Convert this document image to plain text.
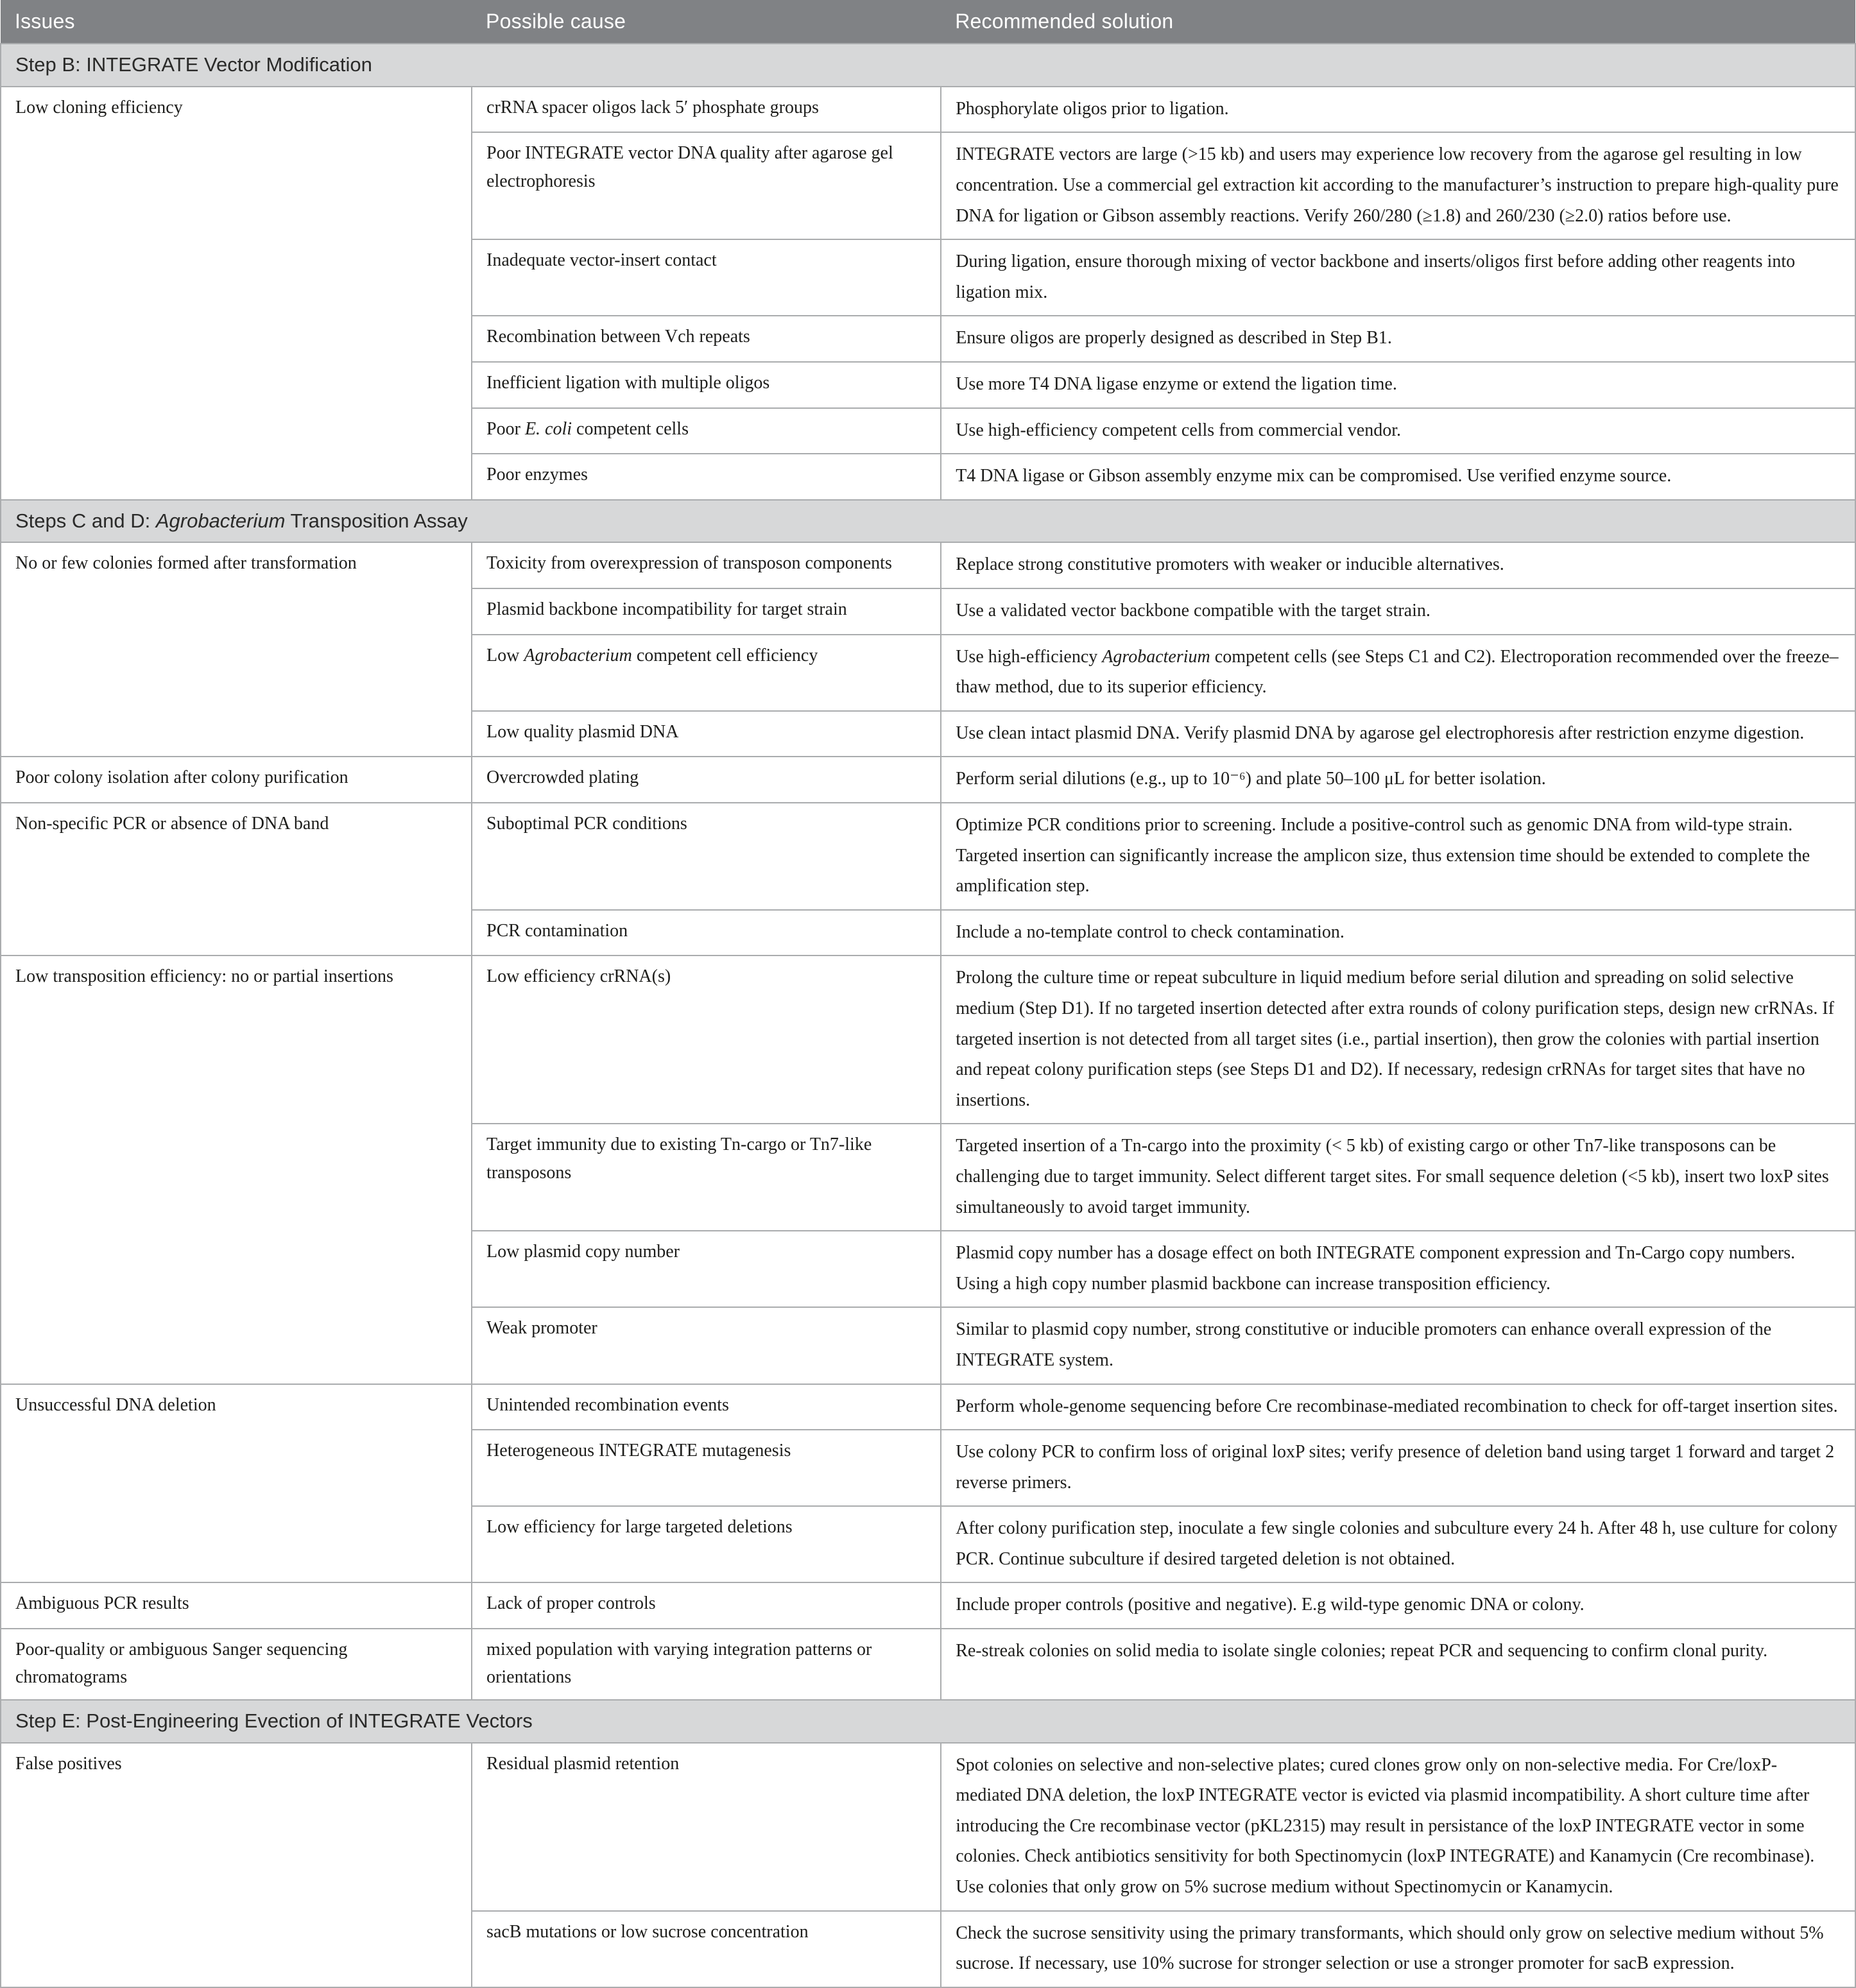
Issues	Possible cause	Recommended solution
Step B: INTEGRATE Vector Modification		
Low cloning efficiency	crRNA spacer oligos lack 5′ phosphate groups	Phosphorylate oligos prior to ligation.
	Poor INTEGRATE vector DNA quality after agarose gel electrophoresis	INTEGRATE vectors are large (>15 kb) and users may experience low recovery from the agarose gel resulting in low concentration. Use a commercial gel extraction kit according to the manufacturer’s instruction to prepare high-quality pure DNA for ligation or Gibson assembly reactions. Verify 260/280 (≥1.8) and 260/230 (≥2.0) ratios before use.
	Inadequate vector-insert contact	During ligation, ensure thorough mixing of vector backbone and inserts/oligos first before adding other reagents into ligation mix.
	Recombination between Vch repeats	Ensure oligos are properly designed as described in Step B1.
	Inefficient ligation with multiple oligos	Use more T4 DNA ligase enzyme or extend the ligation time.
	Poor E. coli competent cells	Use high-efficiency competent cells from commercial vendor.
	Poor enzymes	T4 DNA ligase or Gibson assembly enzyme mix can be compromised. Use verified enzyme source.
Steps C and D: Agrobacterium Transposition Assay		
No or few colonies formed after transformation	Toxicity from overexpression of transposon components	Replace strong constitutive promoters with weaker or inducible alternatives.
	Plasmid backbone incompatibility for target strain	Use a validated vector backbone compatible with the target strain.
	Low Agrobacterium competent cell efficiency	Use high-efficiency Agrobacterium competent cells (see Steps C1 and C2). Electroporation recommended over the freeze–thaw method, due to its superior efficiency.
	Low quality plasmid DNA	Use clean intact plasmid DNA. Verify plasmid DNA by agarose gel electrophoresis after restriction enzyme digestion.
Poor colony isolation after colony purification	Overcrowded plating	Perform serial dilutions (e.g., up to 10⁻⁶) and plate 50–100 μL for better isolation.
Non-specific PCR or absence of DNA band	Suboptimal PCR conditions	Optimize PCR conditions prior to screening. Include a positive-control such as genomic DNA from wild-type strain. Targeted insertion can significantly increase the amplicon size, thus extension time should be extended to complete the amplification step.
	PCR contamination	Include a no-template control to check contamination.
Low transposition efficiency: no or partial insertions	Low efficiency crRNA(s)	Prolong the culture time or repeat subculture in liquid medium before serial dilution and spreading on solid selective medium (Step D1). If no targeted insertion detected after extra rounds of colony purification steps, design new crRNAs. If targeted insertion is not detected from all target sites (i.e., partial insertion), then grow the colonies with partial insertion and repeat colony purification steps (see Steps D1 and D2). If necessary, redesign crRNAs for target sites that have no insertions.
	Target immunity due to existing Tn-cargo or Tn7-like transposons	Targeted insertion of a Tn-cargo into the proximity (< 5 kb) of existing cargo or other Tn7-like transposons can be challenging due to target immunity. Select different target sites. For small sequence deletion (<5 kb), insert two loxP sites simultaneously to avoid target immunity.
	Low plasmid copy number	Plasmid copy number has a dosage effect on both INTEGRATE component expression and Tn-Cargo copy numbers. Using a high copy number plasmid backbone can increase transposition efficiency.
	Weak promoter	Similar to plasmid copy number, strong constitutive or inducible promoters can enhance overall expression of the INTEGRATE system.
Unsuccessful DNA deletion	Unintended recombination events	Perform whole-genome sequencing before Cre recombinase-mediated recombination to check for off-target insertion sites.
	Heterogeneous INTEGRATE mutagenesis	Use colony PCR to confirm loss of original loxP sites; verify presence of deletion band using target 1 forward and target 2 reverse primers.
	Low efficiency for large targeted deletions	After colony purification step, inoculate a few single colonies and subculture every 24 h. After 48 h, use culture for colony PCR. Continue subculture if desired targeted deletion is not obtained.
Ambiguous PCR results	Lack of proper controls	Include proper controls (positive and negative). E.g wild-type genomic DNA or colony.
Poor-quality or ambiguous Sanger sequencing chromatograms	mixed population with varying integration patterns or orientations	Re-streak colonies on solid media to isolate single colonies; repeat PCR and sequencing to confirm clonal purity.
Step E: Post-Engineering Evection of INTEGRATE Vectors		
False positives	Residual plasmid retention	Spot colonies on selective and non-selective plates; cured clones grow only on non-selective media. For Cre/loxP-mediated DNA deletion, the loxP INTEGRATE vector is evicted via plasmid incompatibility. A short culture time after introducing the Cre recombinase vector (pKL2315) may result in persistance of the loxP INTEGRATE vector in some colonies. Check antibiotics sensitivity for both Spectinomycin (loxP INTEGRATE) and Kanamycin (Cre recombinase). Use colonies that only grow on 5% sucrose medium without Spectinomycin or Kanamycin.
	sacB mutations or low sucrose concentration	Check the sucrose sensitivity using the primary transformants, which should only grow on selective medium without 5% sucrose. If necessary, use 10% sucrose for stronger selection or use a stronger promoter for sacB expression.
